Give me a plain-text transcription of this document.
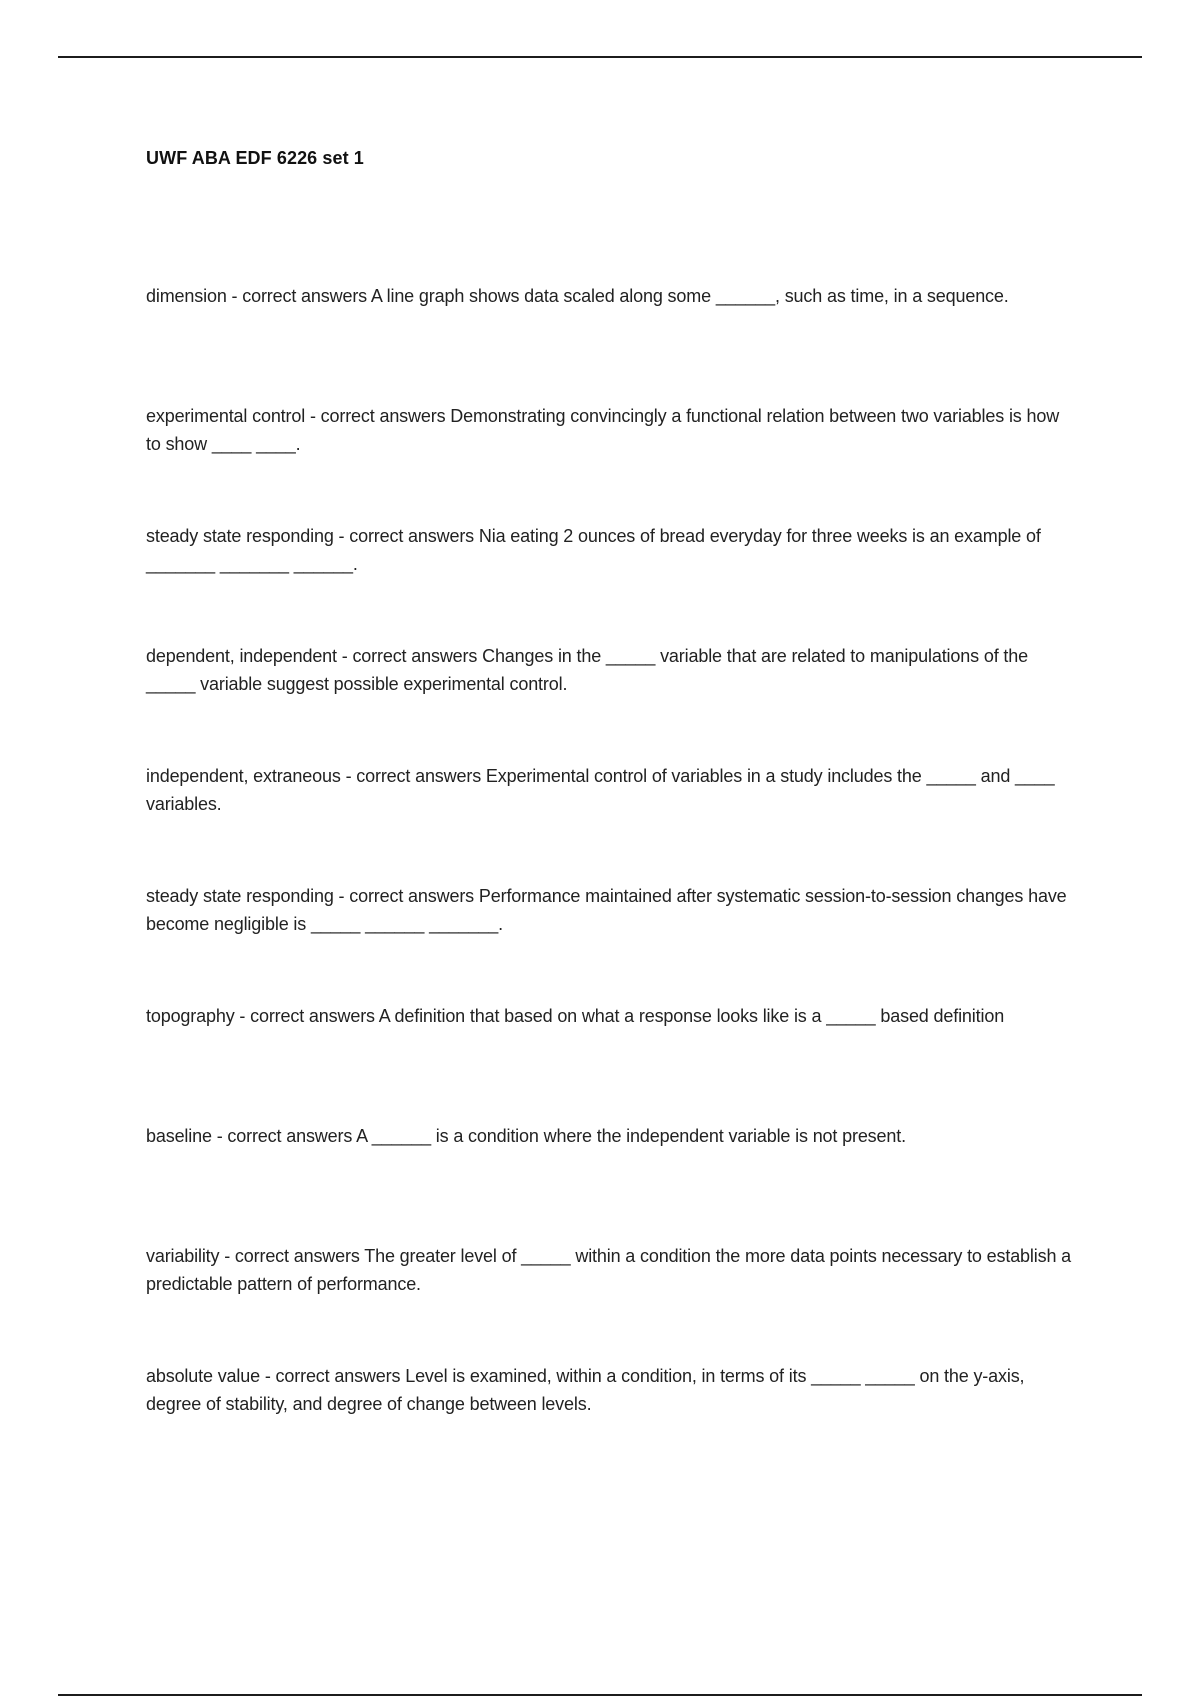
UWF ABA EDF 6226 set 1
dimension - correct answers A line graph shows data scaled along some ______, such as time, in a sequence.
experimental control - correct answers Demonstrating convincingly a functional relation between two variables is how to show ____ ____.
steady state responding - correct answers Nia eating 2 ounces of bread everyday for three weeks is an example of _______ _______ ______.
dependent, independent - correct answers Changes in the _____ variable that are related to manipulations of the _____ variable suggest possible experimental control.
independent, extraneous - correct answers Experimental control of variables in a study includes the _____ and ____ variables.
steady state responding - correct answers Performance maintained after systematic session-to-session changes have become negligible is _____ ______ _______.
topography - correct answers A definition that based on what a response looks like is a _____ based definition
baseline - correct answers A ______ is a condition where the independent variable is not present.
variability - correct answers The greater level of _____ within a condition the more data points necessary to establish a predictable pattern of performance.
absolute value - correct answers Level is examined, within a condition, in terms of its _____ _____ on the y-axis, degree of stability, and degree of change between levels.
